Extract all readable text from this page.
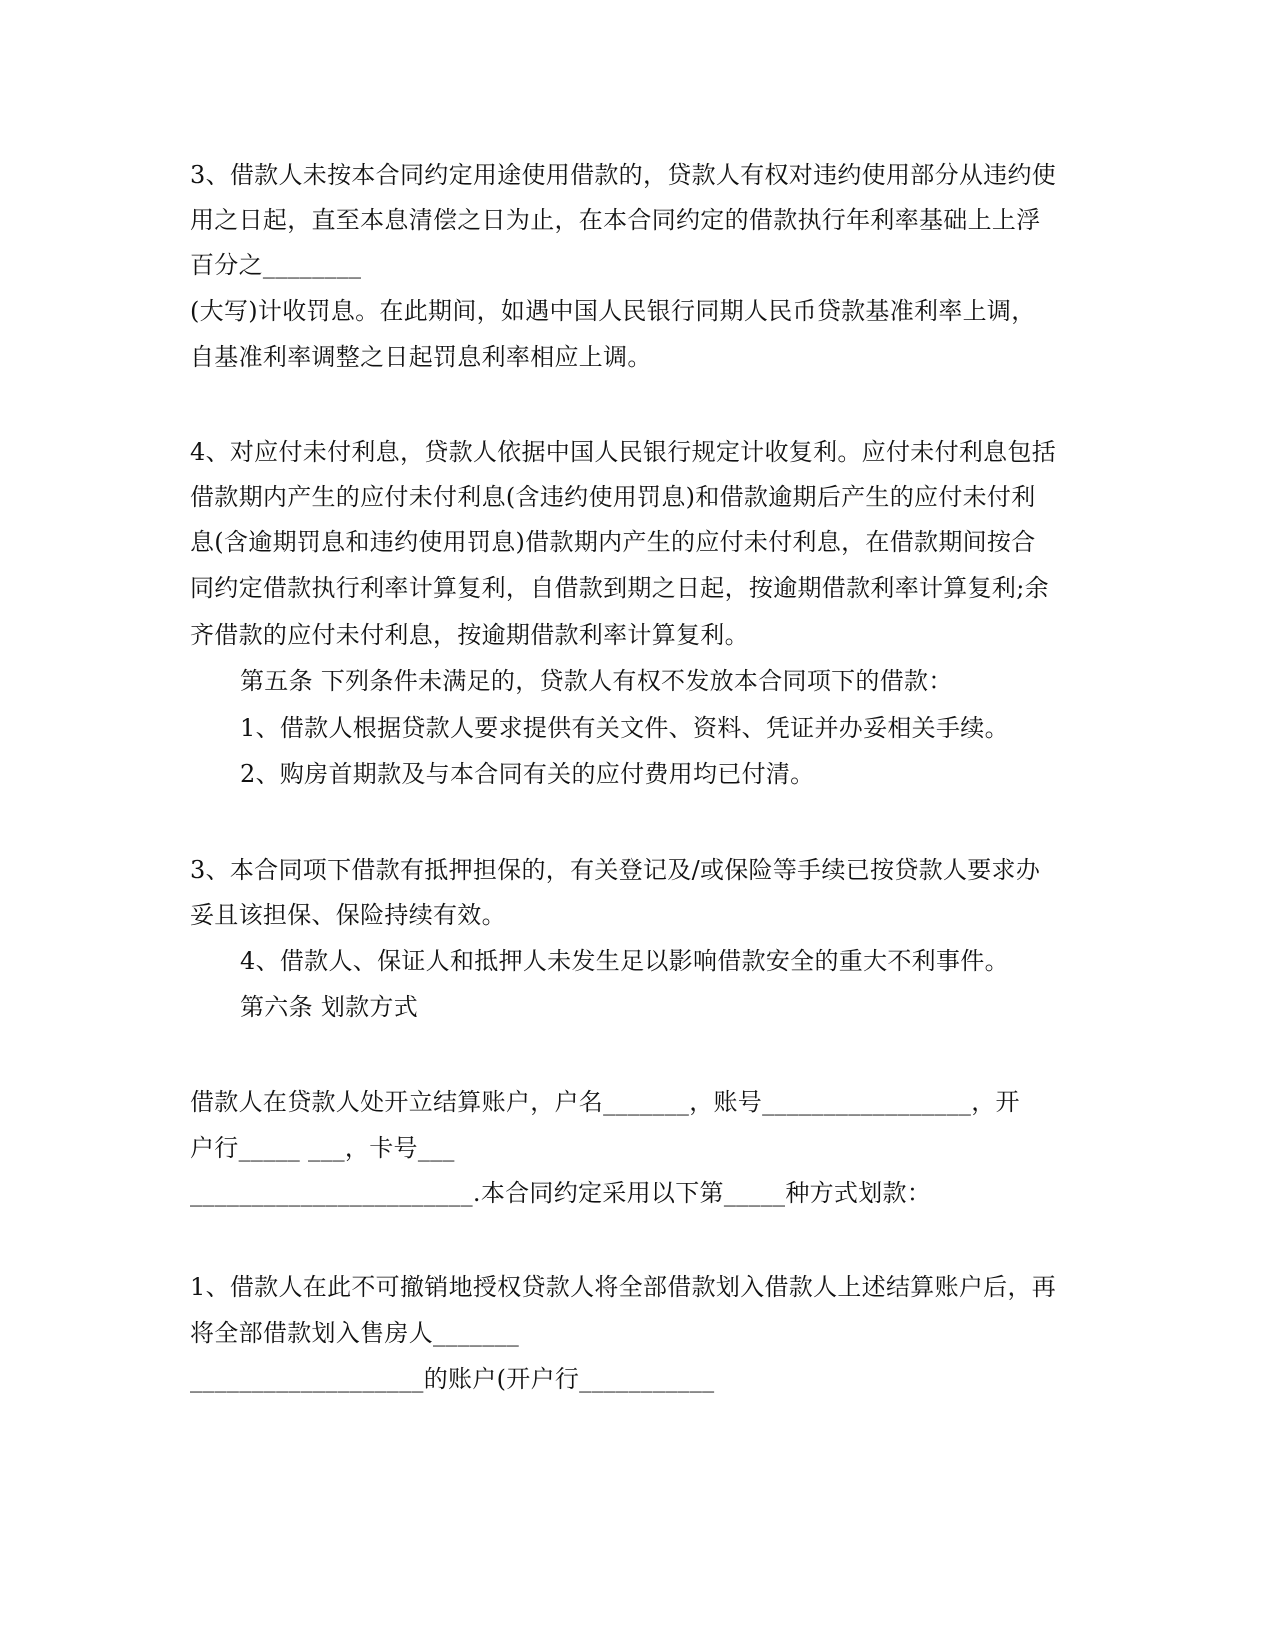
3、借款人未按本合同约定用途使用借款的，贷款人有权对违约使用部分从违约使
用之日起，直至本息清偿之日为止，在本合同约定的借款执行年利率基础上上浮
百分之________
(大写)计收罚息。在此期间，如遇中国人民银行同期人民币贷款基准利率上调，
自基准利率调整之日起罚息利率相应上调。
4、对应付未付利息，贷款人依据中国人民银行规定计收复利。应付未付利息包括
借款期内产生的应付未付利息(含违约使用罚息)和借款逾期后产生的应付未付利
息(含逾期罚息和违约使用罚息)借款期内产生的应付未付利息，在借款期间按合
同约定借款执行利率计算复利，自借款到期之日起，按逾期借款利率计算复利;余
齐借款的应付未付利息，按逾期借款利率计算复利。
第五条 下列条件未满足的，贷款人有权不发放本合同项下的借款：
1、借款人根据贷款人要求提供有关文件、资料、凭证并办妥相关手续。
2、购房首期款及与本合同有关的应付费用均已付清。
3、本合同项下借款有抵押担保的，有关登记及/或保险等手续已按贷款人要求办
妥且该担保、保险持续有效。
4、借款人、保证人和抵押人未发生足以影响借款安全的重大不利事件。
第六条 划款方式
借款人在贷款人处开立结算账户，户名_______，账号_________________，开
户行_____ ___，卡号___
_______________________.本合同约定采用以下第_____种方式划款：
1、借款人在此不可撤销地授权贷款人将全部借款划入借款人上述结算账户后，再
将全部借款划入售房人_______
___________________的账户(开户行___________
